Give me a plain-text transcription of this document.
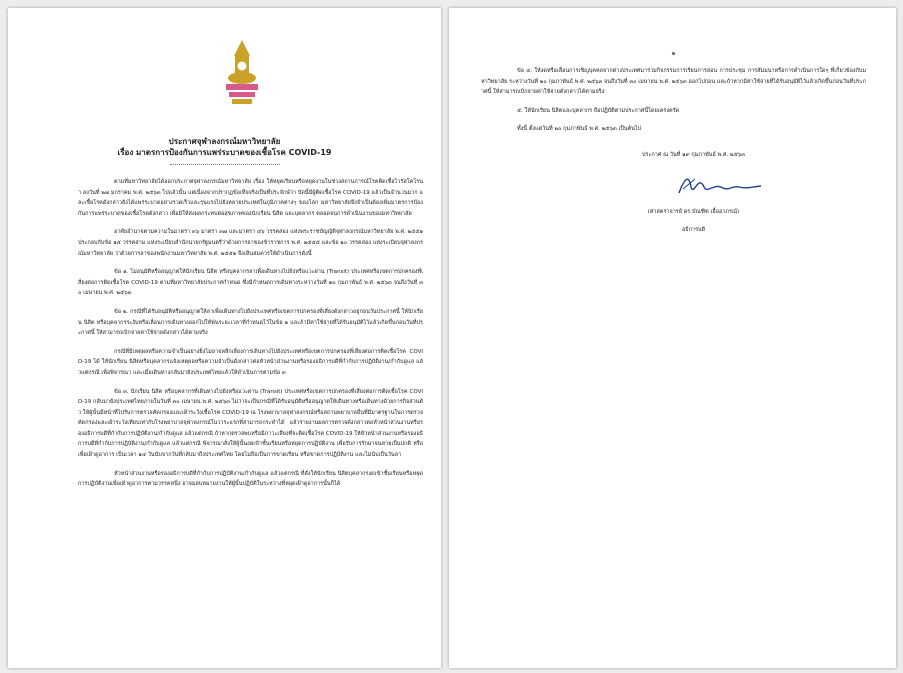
ประกาศจุฬาลงกรณ์มหาวิทยาลัย
เรื่อง มาตรการป้องกันการแพร่ระบาดของเชื้อโรค COVID-19

ตามที่มหาวิทยาลัยได้ออกประกาศจุฬาลงกรณ์มหาวิทยาลัย เรื่อง ให้หยุดเรียนหรือหยุดงานในช่วงสถานการณ์โรคติดเชื้อไวรัสโคโรนา ลงวันที่ ๒๗ มกราคม พ.ศ. ๒๕๖๓ ไปแล้วนั้น แต่เนื่องจากปรากฏข้อเท็จจริงเป็นที่ประจักษ์ว่า บัดนี้มีผู้ติดเชื้อโรค COVID-19 แล้วเป็นจำนวนมาก และเชื้อโรคดังกล่าวยังได้แพร่ระบาดอย่างรวดเร็วและรุนแรงไปยังหลายประเทศในภูมิภาคต่างๆ ของโลก มหาวิทยาลัยจึงจำเป็นต้องเพิ่มมาตรการป้องกันการแพร่ระบาดของเชื้อโรคดังกล่าว เพื่อมิให้ส่งผลกระทบต่อสุขภาพของนักเรียน นิสิต และบุคลากร ตลอดจนการดำเนินงานของมหาวิทยาลัย

อาศัยอำนาจตามความในมาตรา ๓๖ มาตรา ๓๗ และมาตรา ๔๖ วรรคสอง แห่งพระราชบัญญัติจุฬาลงกรณ์มหาวิทยาลัย พ.ศ. ๒๕๕๑ ประกอบกับข้อ ๑๕ วรรคสาม แห่งระเบียบสำนักนายกรัฐมนตรีว่าด้วยการลาของข้าราชการ พ.ศ. ๒๕๕๕ และข้อ ๑๐ วรรคสอง แห่งระเบียบจุฬาลงกรณ์มหาวิทยาลัย ว่าด้วยการลาของพนักงานมหาวิทยาลัย พ.ศ. ๒๕๕๑ จึงเห็นสมควรให้ดำเนินการดังนี้

ข้อ ๑. ไม่อนุมัติหรืออนุญาตให้นักเรียน นิสิต หรือบุคลากรลาเพื่อเดินทางไปยังหรือแวะผ่าน (Transit) ประเทศหรือเขตการปกครองที่เสี่ยงต่อการติดเชื้อโรค COVID-19 ตามที่มหาวิทยาลัยประกาศกำหนด ซึ่งมีกำหนดการเดินทางระหว่างวันที่ ๒๐ กุมภาพันธ์ พ.ศ. ๒๕๖๓ จนถึงวันที่ ๓๐ เมษายน พ.ศ. ๒๕๖๓

ข้อ ๒. กรณีที่ได้รับอนุมัติหรืออนุญาตให้ลาเพื่อเดินทางไปยังประเทศหรือเขตการปกครองที่เสี่ยงดังกล่าวอยู่ก่อนวันประกาศนี้ ให้นักเรียน นิสิต หรือบุคลากรระงับหรือเลื่อนการเดินทางออกไปให้พ้นระยะเวลาที่กำหนดไว้ในข้อ ๑ และถ้ามีค่าใช้จ่ายที่ได้รับอนุมัติไว้แล้วเกิดขึ้นก่อนวันที่ประกาศนี้ ให้สามารถเบิกจ่ายค่าใช้จ่ายดังกล่าวได้ตามจริง

กรณีที่มีเหตุผลหรือความจำเป็นอย่างยิ่งไม่อาจหลีกเลี่ยงการเดินทางไปยังประเทศหรือเขตการปกครองที่เสี่ยงต่อการติดเชื้อโรค COVID-19 ได้ ให้นักเรียน นิสิตหรือบุคลากรแจ้งเหตุผลหรือความจำเป็นดังกล่าวต่อหัวหน้าส่วนงานหรือรองอธิการบดีที่กำกับการปฏิบัติงาน/กำกับดูแล แล้วแต่กรณี เพื่อพิจารณา และเมื่อเดินทางกลับมายังประเทศไทยแล้วให้ดำเนินการตามข้อ ๓

ข้อ ๓. นักเรียน นิสิต หรือบุคลากรที่เดินทางไปยังหรือแวะผ่าน (Transit) ประเทศหรือเขตการปกครองที่เสี่ยงต่อการติดเชื้อโรค COVID-19 กลับมายังประเทศไทยภายในวันที่ ๓๐ เมษายน พ.ศ. ๒๕๖๓ ไม่ว่าจะเป็นกรณีที่ได้รับอนุมัติหรืออนุญาตให้เดินทางหรือเดินทางด้วยการกิจส่วนตัว ให้ผู้นั้นมีหน้าที่ไปรับการตรวจคัดกรองและเฝ้าระวังเชื้อโรค COVID-19 ณ โรงพยาบาลจุฬาลงกรณ์หรือสถานพยาบาลอื่นที่มีมาตรฐานในการตรวจคัดกรองและเฝ้าระวังเทียบเท่ากับโรงพยาบาลจุฬาลงกรณ์ในวาระแรกที่สามารถกระทำได้ แล้วรายงานผลการตรวจดังกล่าวต่อหัวหน้าส่วนงานหรือรองอธิการบดีที่กำกับการปฏิบัติงาน/กำกับดูแล แล้วแต่กรณี ถ้าหากตรวจพบหรือมีภาวะเสี่ยงที่จะติดเชื้อโรค COVID-19 ให้หัวหน้าส่วนงานหรือรองอธิการบดีที่กำกับการปฏิบัติงาน/กำกับดูแล แล้วแต่กรณี พิจารณาสั่งให้ผู้นั้นงดเข้าชั้นเรียนหรือหยุดการปฏิบัติงาน เพื่อรับการรักษาจนหายเป็นปกติ หรือเพื่อเฝ้าดูอาการ เป็นเวลา ๑๔ วันนับจากวันที่กลับมาถึงประเทศไทย โดยไม่ถือเป็นการขาดเรียน หรือขาดการปฏิบัติงาน และไม่นับเป็นวันลา

หัวหน้าส่วนงานหรือรองอธิการบดีที่กำกับการปฏิบัติงาน/กำกับดูแล แล้วแต่กรณี ที่สั่งให้นักเรียน นิสิตบุคลากรงดเข้าชั้นเรียนหรือหยุดการปฏิบัติงานเพื่อเฝ้าดูอาการตามวรรคหนึ่ง อาจมอบหมายงานให้ผู้นั้นปฏิบัติในระหว่างที่หยุดเฝ้าดูอาการนั้นก็ได้

๒

ข้อ ๔. ให้งดหรือเลื่อนการเชิญบุคคลจากต่างประเทศมาร่วมกิจกรรมการเรียนการสอน การประชุม การสัมมนาหรือการดำเนินการใดๆ ที่เกี่ยวข้องกับมหาวิทยาลัย ระหว่างวันที่ ๒๐ กุมภาพันธ์ พ.ศ. ๒๕๖๓ จนถึงวันที่ ๓๐ เมษายน พ.ศ. ๒๕๖๓ ออกไปก่อน และถ้าหากมีค่าใช้จ่ายที่ได้รับอนุมัติไว้แล้วเกิดขึ้นก่อนวันที่ประกาศนี้ ให้สามารถเบิกจ่ายค่าใช้จ่ายดังกล่าวได้ตามจริง

๕. ให้นักเรียน นิสิตและบุคลากร ถือปฏิบัติตามประกาศนี้โดยเคร่งครัด

ทั้งนี้ ตั้งแต่วันที่ ๒๐ กุมภาพันธ์ พ.ศ. ๒๕๖๓ เป็นต้นไป

ประกาศ ณ วันที่ ๑๙ กุมภาพันธ์ พ.ศ. ๒๕๖๓
(ศาสตราจารย์ ดร.บัณฑิต เอื้ออาภรณ์)
อธิการบดี
